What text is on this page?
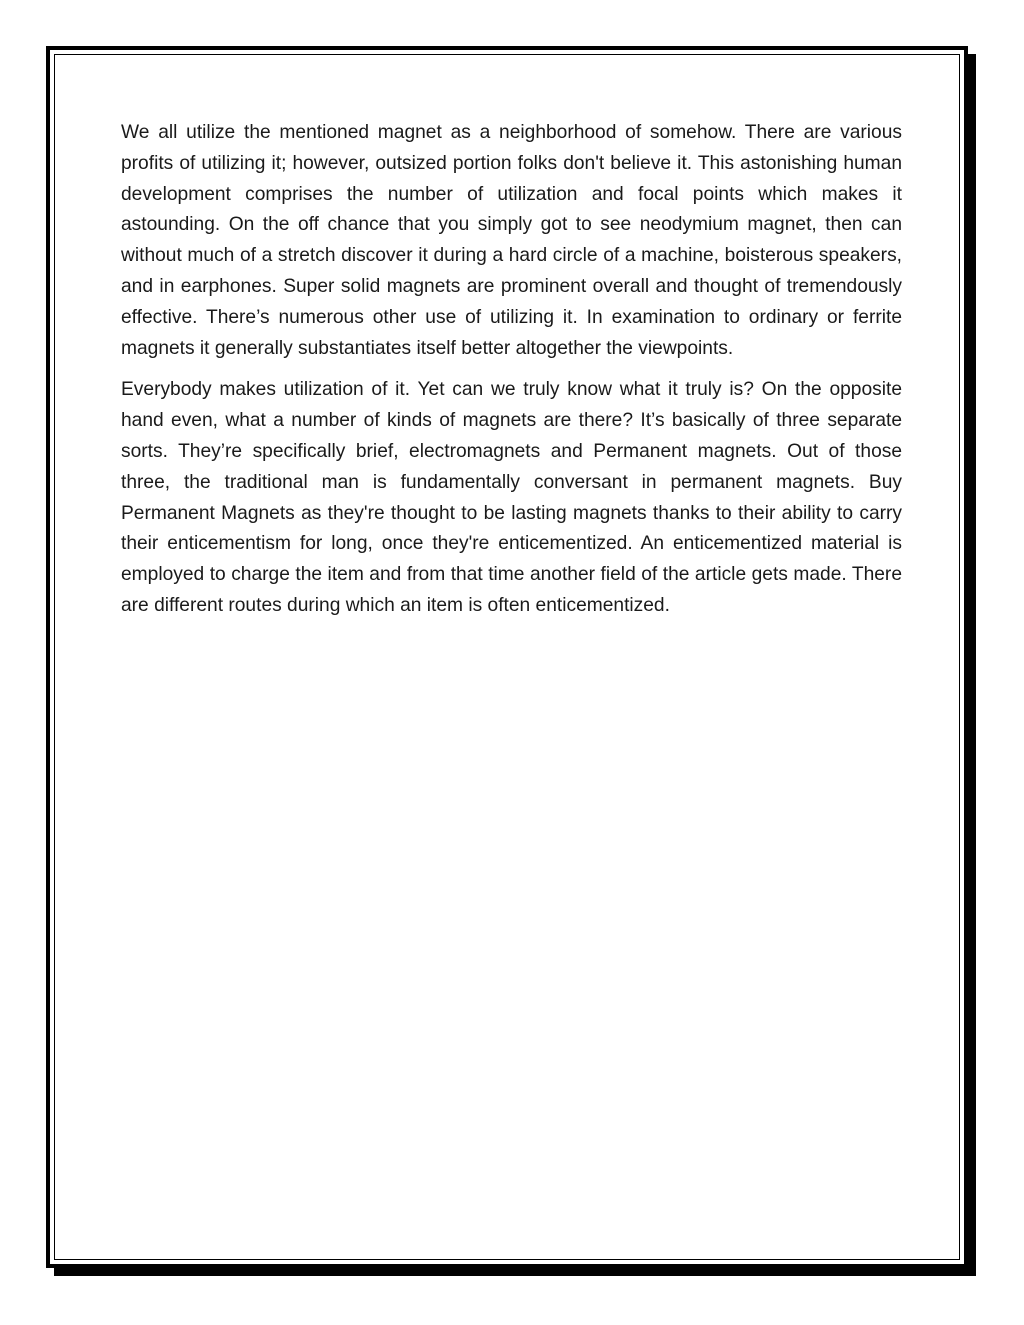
We all utilize the mentioned magnet as a neighborhood of somehow. There are various profits of utilizing it; however, outsized portion folks don't believe it. This astonishing human development comprises the number of utilization and focal points which makes it astounding. On the off chance that you simply got to see neodymium magnet, then can without much of a stretch discover it during a hard circle of a machine, boisterous speakers, and in earphones. Super solid magnets are prominent overall and thought of tremendously effective. There’s numerous other use of utilizing it. In examination to ordinary or ferrite magnets it generally substantiates itself better altogether the viewpoints.

Everybody makes utilization of it. Yet can we truly know what it truly is? On the opposite hand even, what a number of kinds of magnets are there? It’s basically of three separate sorts. They’re specifically brief, electromagnets and Permanent magnets. Out of those three, the traditional man is fundamentally conversant in permanent magnets. Buy Permanent Magnets as they're thought to be lasting magnets thanks to their ability to carry their enticementism for long, once they're enticementized. An enticementized material is employed to charge the item and from that time another field of the article gets made. There are different routes during which an item is often enticementized.
